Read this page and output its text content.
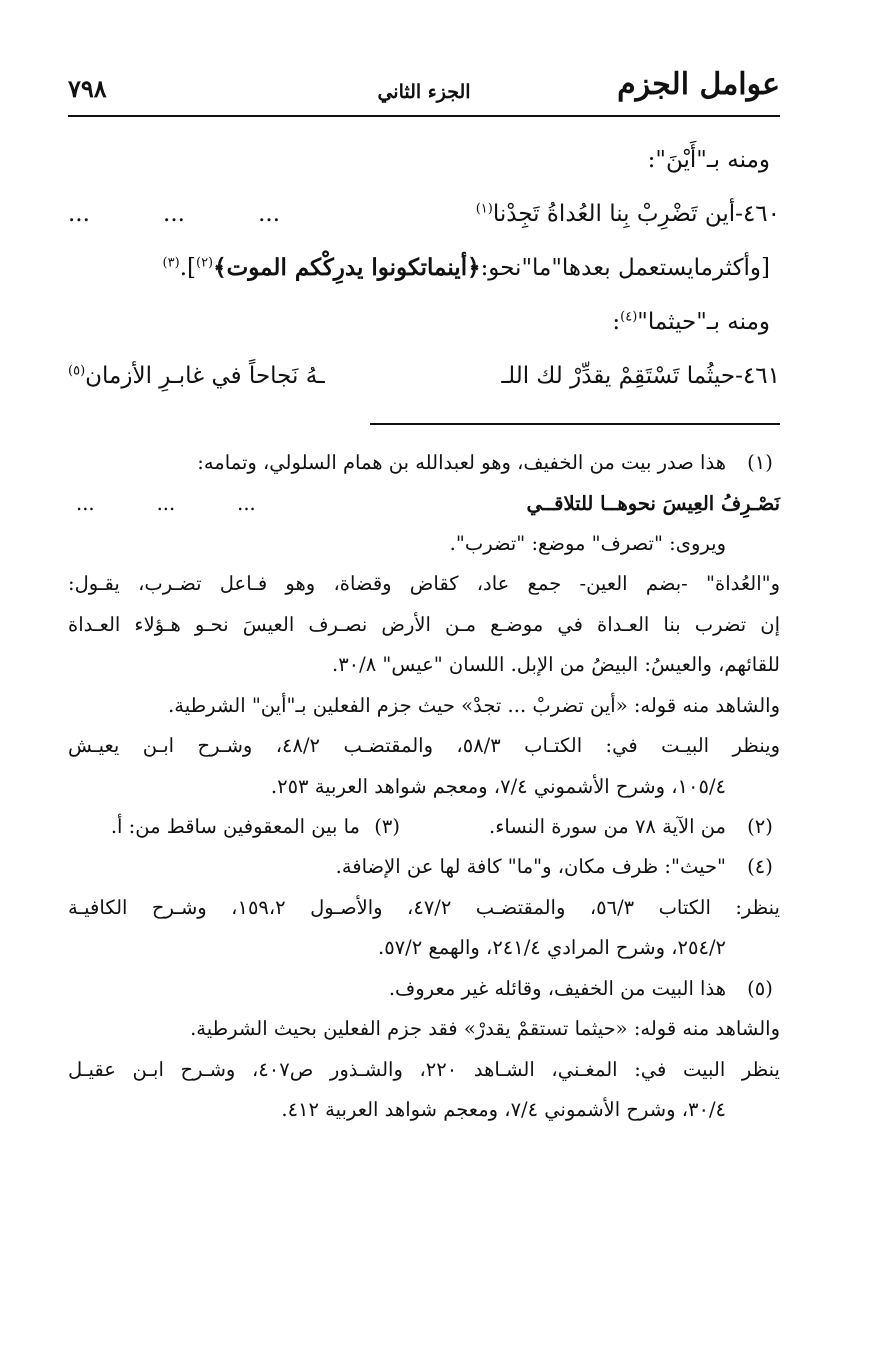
عوامل الجزم
الجزء الثاني
٧٩٨
ومنه بـ"أَيْنَ":
٤٦٠-أين تَضْرِبْ بِنا العُداةُ تَجِدْنا$^{(١)}$
...          ...          ...
[وأكثرمايستعمل بعدها"ما"نحو:﴿أينماتكونوا يدرِكْكم الموت﴾$^{(٢)}$].$^{(٣)}$
ومنه بـ"حيثما"$^{(٤)}$:
٤٦١-حيثُما تَسْتَقِمْ يقدِّرْ لك اللـ
ـهُ نَجاحاً في غابـرِ الأزمان$^{(٥)}$
(١)
هذا صدر بيت من الخفيف، وهو لعبدالله بن همام السلولي، وتمامه:
...          ...          ...	نَصْـرِفُ العِيسَ نحوهــا للتلاقــي
ويروى: "تصرف" موضع: "تضرب".
و"العُداة" -بضم العين- جمع عاد، كقاض وقضاة، وهو فـاعل تضـرب، يقـول:
إن تضرب بنا العـداة في موضـع مـن الأرض نصـرف العيسَ نحـو هـؤلاء العـداة
للقائهم، والعيسُ: البيضُ من الإبل. اللسان "عيس" ٣٠/٨.
والشاهد منه قوله: «أين تضربْ ... تجدْ» حيث جزم الفعلين بـ"أين" الشرطية.
وينظر البيـت في: الكتـاب ٥٨/٣، والمقتضـب ٤٨/٢، وشـرح ابـن يعيـش
١٠٥/٤، وشرح الأشموني ٧/٤، ومعجم شواهد العربية ٢٥٣.
(٢)
من الآية ٧٨ من سورة النساء.
(٣)
ما بين المعقوفين ساقط من: أ.
(٤)
"حيث": ظرف مكان، و"ما" كافة لها عن الإضافة.
ينظر: الكتاب ٥٦/٣، والمقتضـب ٤٧/٢، والأصـول ١٥٩،٢، وشـرح الكافيـة
٢٥٤/٢، وشرح المرادي ٢٤١/٤، والهمع ٥٧/٢.
(٥)
هذا البيت من الخفيف، وقائله غير معروف.
والشاهد منه قوله: «حيثما تستقمْ يقدرْ» فقد جزم الفعلين بحيث الشرطية.
ينظر البيت في: المغـني، الشـاهد ٢٢٠، والشـذور ص٤٠٧، وشـرح ابـن عقيـل
٣٠/٤، وشرح الأشموني ٧/٤، ومعجم شواهد العربية ٤١٢.
